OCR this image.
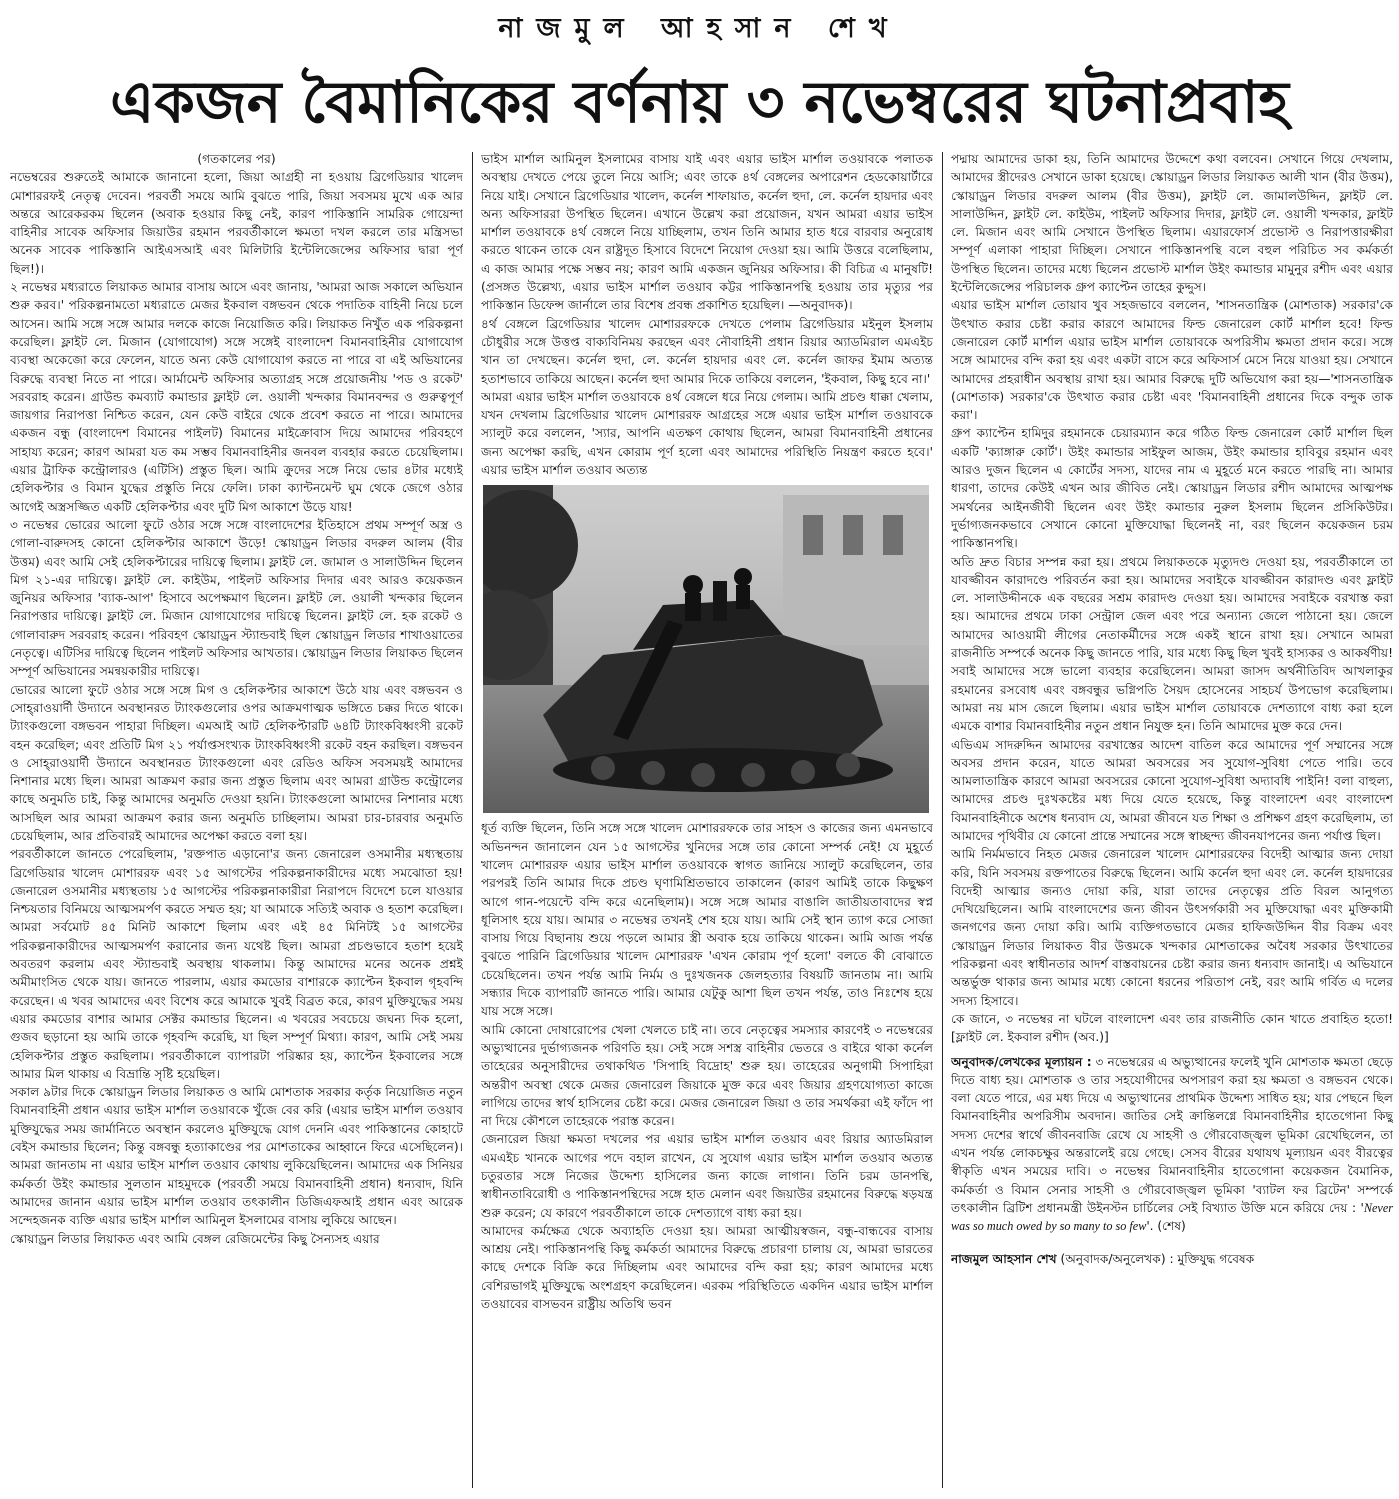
নাজমুল আহসান শেখ
একজন বৈমানিকের বর্ণনায় ৩ নভেম্বরের ঘটনাপ্রবাহ

(গতকালের পর)

নভেম্বরের শুরুতেই আমাকে জানানো হলো, জিয়া আগ্রহী না হওয়ায় ব্রিগেডিয়ার খালেদ মোশাররফই নেতৃত্ব দেবেন। পরবর্তী সময়ে আমি বুঝতে পারি, জিয়া সবসময় মুখে এক আর অন্তরে আরেকরকম ছিলেন (অবাক হওয়ার কিছু নেই, কারণ পাকিস্তানি সামরিক গোয়েন্দা বাহিনীর সাবেক অফিসার জিয়াউর রহমান পরবর্তীকালে ক্ষমতা দখল করলে তার মন্ত্রিসভা অনেক সাবেক পাকিস্তানি আইএসআই এবং মিলিটারি ইন্টেলিজেন্সের অফিসার দ্বারা পূর্ণ ছিল!)।

২ নভেম্বর মধ্যরাতে লিয়াকত আমার বাসায় আসে এবং জানায়, 'আমরা আজ সকালে অভিযান শুরু করব।' পরিকল্পনামতো মধ্যরাতে মেজর ইকবাল বঙ্গভবন থেকে পদাতিক বাহিনী নিয়ে চলে আসেন। আমি সঙ্গে সঙ্গে আমার দলকে কাজে নিয়োজিত করি। লিয়াকত নিখুঁত এক পরিকল্পনা করেছিল। ফ্লাইট লে. মিজান (যোগাযোগ) সঙ্গে সঙ্গেই বাংলাদেশ বিমানবাহিনীর যোগাযোগ ব্যবস্থা অকেজো করে ফেলেন, যাতে অন্য কেউ যোগাযোগ করতে না পারে বা এই অভিযানের বিরুদ্ধে ব্যবস্থা নিতে না পারে। আর্মামেন্ট অফিসার অত্যাগ্রহ সঙ্গে প্রয়োজনীয় 'পড ও রকেট' সরবরাহ করেন। গ্রাউন্ড কমব্যাট কমান্ডার ফ্লাইট লে. ওয়ালী খন্দকার বিমানবন্দর ও গুরুত্বপূর্ণ জায়গার নিরাপত্তা নিশ্চিত করেন, যেন কেউ বাইরে থেকে প্রবেশ করতে না পারে। আমাদের একজন বন্ধু (বাংলাদেশ বিমানের পাইলট) বিমানের মাইক্রোবাস দিয়ে আমাদের পরিবহণে সাহায্য করেন; কারণ আমরা যত কম সম্ভব বিমানবাহিনীর জনবল ব্যবহার করতে চেয়েছিলাম। এয়ার ট্রাফিক কন্ট্রোলারও (এটিসি) প্রস্তুত ছিল। আমি ক্রুদের সঙ্গে নিয়ে ভোর ৪টার মধ্যেই হেলিকপ্টার ও বিমান যুদ্ধের প্রস্তুতি নিয়ে ফেলি। ঢাকা ক্যান্টনমেন্ট ঘুম থেকে জেগে ওঠার আগেই অস্ত্রসজ্জিত একটি হেলিকপ্টার এবং দুটি মিগ আকাশে উড়ে যায়!

৩ নভেম্বর ভোরের আলো ফুটে ওঠার সঙ্গে সঙ্গে বাংলাদেশের ইতিহাসে প্রথম সম্পূর্ণ অস্ত্র ও গোলা-বারুদসহ কোনো হেলিকপ্টার আকাশে উড়ে! স্কোয়াড্রন লিডার বদরুল আলম (বীর উত্তম) এবং আমি সেই হেলিকপ্টারের দায়িত্বে ছিলাম। ফ্লাইট লে. জামাল ও সালাউদ্দিন ছিলেন মিগ ২১-এর দায়িত্বে। ফ্লাইট লে. কাইউম, পাইলট অফিসার দিদার এবং আরও কয়েকজন জুনিয়র অফিসার 'ব্যাক-আপ' হিসাবে অপেক্ষমাণ ছিলেন। ফ্লাইট লে. ওয়ালী খন্দকার ছিলেন নিরাপত্তার দায়িত্বে। ফ্লাইট লে. মিজান যোগাযোগের দায়িত্বে ছিলেন। ফ্লাইট লে. হক রকেট ও গোলাবারুদ সরবরাহ করেন। পরিবহণ স্কোয়াড্রন স্ট্যান্ডবাই ছিল স্কোয়াড্রন লিডার শাখাওয়াতের নেতৃত্বে। এটিসির দায়িত্বে ছিলেন পাইলট অফিসার আখতার। স্কোয়াড্রন লিডার লিয়াকত ছিলেন সম্পূর্ণ অভিযানের সমন্বয়কারীর দায়িত্বে।

ভোরের আলো ফুটে ওঠার সঙ্গে সঙ্গে মিগ ও হেলিকপ্টার আকাশে উঠে যায় এবং বঙ্গভবন ও সোহ্‌রাওয়ার্দী উদ্যানে অবস্থানরত ট্যাংকগুলোর ওপর আক্রমণাত্মক ভঙ্গিতে চক্কর দিতে থাকে। ট্যাংকগুলো বঙ্গভবন পাহারা দিচ্ছিল। এমআই আট হেলিকপ্টারটি ৬৪টি ট্যাংকবিধ্বংসী রকেট বহন করেছিল; এবং প্রতিটি মিগ ২১ পর্যাপ্তসংখ্যক ট্যাংকবিধ্বংসী রকেট বহন করছিল। বঙ্গভবন ও সোহ্‌রাওয়ার্দী উদ্যানে অবস্থানরত ট্যাংকগুলো এবং রেডিও অফিস সবসময়ই আমাদের নিশানার মধ্যে ছিল। আমরা আক্রমণ করার জন্য প্রস্তুত ছিলাম এবং আমরা গ্রাউন্ড কন্ট্রোলের কাছে অনুমতি চাই, কিন্তু আমাদের অনুমতি দেওয়া হয়নি। ট্যাংকগুলো আমাদের নিশানার মধ্যে আসছিল আর আমরা আক্রমণ করার জন্য অনুমতি চাচ্ছিলাম। আমরা চার-চারবার অনুমতি চেয়েছিলাম, আর প্রতিবারই আমাদের অপেক্ষা করতে বলা হয়।

পরবর্তীকালে জানতে পেরেছিলাম, 'রক্তপাত এড়ানো'র জন্য জেনারেল ওসমানীর মধ্যস্থতায় ব্রিগেডিয়ার খালেদ মোশাররফ এবং ১৫ আগস্টের পরিকল্পনাকারীদের মধ্যে সমঝোতা হয়! জেনারেল ওসমানীর মধ্যস্থতায় ১৫ আগস্টের পরিকল্পনাকারীরা নিরাপদে বিদেশে চলে যাওয়ার নিশ্চয়তার বিনিময়ে আত্মসমর্পণ করতে সম্মত হয়; যা আমাকে সত্যিই অবাক ও হতাশ করেছিল। আমরা সর্বমোট ৪৫ মিনিট আকাশে ছিলাম এবং এই ৪৫ মিনিটই ১৫ আগস্টের পরিকল্পনাকারীদের আত্মসমর্পণ করানোর জন্য যথেষ্ট ছিল। আমরা প্রচণ্ডভাবে হতাশ হয়েই অবতরণ করলাম এবং স্ট্যান্ডবাই অবস্থায় থাকলাম। কিন্তু আমাদের মনের অনেক প্রশ্নই অমীমাংসিত থেকে যায়। জানতে পারলাম, এয়ার কমডোর বাশারকে ক্যাপ্টেন ইকবাল গৃহবন্দি করেছেন। এ খবর আমাদের এবং বিশেষ করে আমাকে খুবই বিব্রত করে, কারণ মুক্তিযুদ্ধের সময় এয়ার কমডোর বাশার আমার সেক্টর কমান্ডার ছিলেন। এ খবরের সবচেয়ে জঘন্য দিক হলো, গুজব ছড়ানো হয় আমি তাকে গৃহবন্দি করেছি, যা ছিল সম্পূর্ণ মিথ্যা। কারণ, আমি সেই সময় হেলিকপ্টার প্রস্তুত করছিলাম। পরবর্তীকালে ব্যাপারটা পরিষ্কার হয়, ক্যাপ্টেন ইকবালের সঙ্গে আমার মিল থাকায় এ বিভ্রান্তি সৃষ্টি হয়েছিল।

সকাল ৯টার দিকে স্কোয়াড্রন লিডার লিয়াকত ও আমি মোশতাক সরকার কর্তৃক নিয়োজিত নতুন বিমানবাহিনী প্রধান এয়ার ভাইস মার্শাল তওয়াবকে খুঁজে বের করি (এয়ার ভাইস মার্শাল তওয়াব মুক্তিযুদ্ধের সময় জার্মানিতে অবস্থান করলেও মুক্তিযুদ্ধে যোগ দেননি এবং পাকিস্তানের কোহাটে বেইস কমান্ডার ছিলেন; কিন্তু বঙ্গবন্ধু হত্যাকাণ্ডের পর মোশতাকের আহ্বানে ফিরে এসেছিলেন)। আমরা জানতাম না এয়ার ভাইস মার্শাল তওয়াব কোথায় লুকিয়েছিলেন। আমাদের এক সিনিয়র কর্মকর্তা উইং কমান্ডার সুলতান মাহমুদকে (পরবর্তী সময়ে বিমানবাহিনী প্রধান) ধন্যবাদ, যিনি আমাদের জানান এয়ার ভাইস মার্শাল তওয়াব তৎকালীন ডিজিএফআই প্রধান এবং আরেক সন্দেহজনক ব্যক্তি এয়ার ভাইস মার্শাল আমিনুল ইসলামের বাসায় লুকিয়ে আছেন।

স্কোয়াড্রন লিডার লিয়াকত এবং আমি বেঙ্গল রেজিমেন্টের কিছু সৈন্যসহ এয়ার

ভাইস মার্শাল আমিনুল ইসলামের বাসায় যাই এবং এয়ার ভাইস মার্শাল তওয়াবকে পলাতক অবস্থায় দেখতে পেয়ে তুলে নিয়ে আসি; এবং তাকে ৪র্থ বেঙ্গলের অপারেশন হেডকোয়ার্টারে নিয়ে যাই। সেখানে ব্রিগেডিয়ার খালেদ, কর্নেল শাফায়াত, কর্নেল হুদা, লে. কর্নেল হায়দার এবং অন্য অফিসাররা উপস্থিত ছিলেন। এখানে উল্লেখ করা প্রয়োজন, যখন আমরা এয়ার ভাইস মার্শাল তওয়াবকে ৪র্থ বেঙ্গলে নিয়ে যাচ্ছিলাম, তখন তিনি আমার হাত ধরে বারবার অনুরোধ করতে থাকেন তাকে যেন রাষ্ট্রদূত হিসাবে বিদেশে নিয়োগ দেওয়া হয়। আমি উত্তরে বলেছিলাম, এ কাজ আমার পক্ষে সম্ভব নয়; কারণ আমি একজন জুনিয়র অফিসার। কী বিচিত্র এ মানুষটি! (প্রসঙ্গত উল্লেখ্য, এয়ার ভাইস মার্শাল তওয়াব কট্টর পাকিস্তানপন্থি হওয়ায় তার মৃত্যুর পর পাকিস্তান ডিফেন্স জার্নালে তার বিশেষ প্রবন্ধ প্রকাশিত হয়েছিল। —অনুবাদক)।

৪র্থ বেঙ্গলে ব্রিগেডিয়ার খালেদ মোশাররফকে দেখতে পেলাম ব্রিগেডিয়ার মইনুল ইসলাম চৌধুরীর সঙ্গে উত্তপ্ত বাক্যবিনিময় করছেন এবং নৌবাহিনী প্রধান রিয়ার অ্যাডমিরাল এমএইচ খান তা দেখছেন। কর্নেল হুদা, লে. কর্নেল হায়দার এবং লে. কর্নেল জাফর ইমাম অত্যন্ত হতাশভাবে তাকিয়ে আছেন। কর্নেল হুদা আমার দিকে তাকিয়ে বললেন, 'ইকবাল, কিছু হবে না।'

আমরা এয়ার ভাইস মার্শাল তওয়াবকে ৪র্থ বেঙ্গলে ধরে নিয়ে গেলাম। আমি প্রচণ্ড ধাক্কা খেলাম, যখন দেখলাম ব্রিগেডিয়ার খালেদ মোশাররফ আগ্রহের সঙ্গে এয়ার ভাইস মার্শাল তওয়াবকে স্যালুট করে বললেন, 'স্যার, আপনি এতক্ষণ কোথায় ছিলেন, আমরা বিমানবাহিনী প্রধানের জন্য অপেক্ষা করছি, এখন কোরাম পূর্ণ হলো এবং আমাদের পরিস্থিতি নিয়ন্ত্রণ করতে হবে।' এয়ার ভাইস মার্শাল তওয়াব অত্যন্ত

ধূর্ত ব্যক্তি ছিলেন, তিনি সঙ্গে সঙ্গে খালেদ মোশাররফকে তার সাহস ও কাজের জন্য এমনভাবে অভিনন্দন জানালেন যেন ১৫ আগস্টের খুনিদের সঙ্গে তার কোনো সম্পর্ক নেই! যে মুহূর্তে খালেদ মোশাররফ এয়ার ভাইস মার্শাল তওয়াবকে স্বাগত জানিয়ে স্যালুট করেছিলেন, তার পরপরই তিনি আমার দিকে প্রচণ্ড ঘৃণামিশ্রিতভাবে তাকালেন (কারণ আমিই তাকে কিছুক্ষণ আগে গান-পয়েন্টে বন্দি করে এনেছিলাম)। সঙ্গে সঙ্গে আমার বাঙালি জাতীয়তাবাদের স্বপ্ন ধূলিসাৎ হয়ে যায়। আমার ৩ নভেম্বর তখনই শেষ হয়ে যায়। আমি সেই স্থান ত্যাগ করে সোজা বাসায় গিয়ে বিছানায় শুয়ে পড়লে আমার স্ত্রী অবাক হয়ে তাকিয়ে থাকেন। আমি আজ পর্যন্ত বুঝতে পারিনি ব্রিগেডিয়ার খালেদ মোশাররফ 'এখন কোরাম পূর্ণ হলো' বলতে কী বোঝাতে চেয়েছিলেন। তখন পর্যন্ত আমি নির্মম ও দুঃখজনক জেলহত্যার বিষয়টি জানতাম না। আমি সন্ধ্যার দিকে ব্যাপারটি জানতে পারি। আমার যেটুকু আশা ছিল তখন পর্যন্ত, তাও নিঃশেষ হয়ে যায় সঙ্গে সঙ্গে।

আমি কোনো দোষারোপের খেলা খেলতে চাই না। তবে নেতৃত্বের সমস্যার কারণেই ৩ নভেম্বরের অভ্যুত্থানের দুর্ভাগ্যজনক পরিণতি হয়। সেই সঙ্গে সশস্ত্র বাহিনীর ভেতরে ও বাইরে থাকা কর্নেল তাহেরের অনুসারীদের তথাকথিত 'সিপাহি বিদ্রোহ' শুরু হয়। তাহেরের অনুগামী সিপাহিরা অন্তরীণ অবস্থা থেকে মেজর জেনারেল জিয়াকে মুক্ত করে এবং জিয়ার গ্রহণযোগ্যতা কাজে লাগিয়ে তাদের স্বার্থ হাসিলের চেষ্টা করে। মেজর জেনারেল জিয়া ও তার সমর্থকরা এই ফাঁদে পা না দিয়ে কৌশলে তাহেরকে পরাস্ত করেন।

জেনারেল জিয়া ক্ষমতা দখলের পর এয়ার ভাইস মার্শাল তওয়াব এবং রিয়ার অ্যাডমিরাল এমএইচ খানকে আগের পদে বহাল রাখেন, যে সুযোগ এয়ার ভাইস মার্শাল তওয়াব অত্যন্ত চতুরতার সঙ্গে নিজের উদ্দেশ্য হাসিলের জন্য কাজে লাগান। তিনি চরম ডানপন্থি, স্বাধীনতাবিরোধী ও পাকিস্তানপন্থিদের সঙ্গে হাত মেলান এবং জিয়াউর রহমানের বিরুদ্ধে ষড়যন্ত্র শুরু করেন; যে কারণে পরবর্তীকালে তাকে দেশত্যাগে বাধ্য করা হয়।

আমাদের কর্মক্ষেত্র থেকে অব্যাহতি দেওয়া হয়। আমরা আত্মীয়স্বজন, বন্ধু-বান্ধবের বাসায় আশ্রয় নেই। পাকিস্তানপন্থি কিছু কর্মকর্তা আমাদের বিরুদ্ধে প্রচারণা চালায় যে, আমরা ভারতের কাছে দেশকে বিক্রি করে দিচ্ছিলাম এবং আমাদের বন্দি করা হয়; কারণ আমাদের মধ্যে বেশিরভাগই মুক্তিযুদ্ধে অংশগ্রহণ করেছিলেন। এরকম পরিস্থিতিতে একদিন এয়ার ভাইস মার্শাল তওয়াবের বাসভবন রাষ্ট্রীয় অতিথি ভবন

পদ্মায় আমাদের ডাকা হয়, তিনি আমাদের উদ্দেশে কথা বলবেন। সেখানে গিয়ে দেখলাম, আমাদের স্ত্রীদেরও সেখানে ডাকা হয়েছে। স্কোয়াড্রন লিডার লিয়াকত আলী খান (বীর উত্তম), স্কোয়াড্রন লিডার বদরুল আলম (বীর উত্তম), ফ্লাইট লে. জামালউদ্দিন, ফ্লাইট লে. সালাউদ্দিন, ফ্লাইট লে. কাইউম, পাইলট অফিসার দিদার, ফ্লাইট লে. ওয়ালী খন্দকার, ফ্লাইট লে. মিজান এবং আমি সেখানে উপস্থিত ছিলাম। এয়ারফোর্স প্রভোস্ট ও নিরাপত্তারক্ষীরা সম্পূর্ণ এলাকা পাহারা দিচ্ছিল। সেখানে পাকিস্তানপন্থি বলে বহুল পরিচিত সব কর্মকর্তা উপস্থিত ছিলেন। তাদের মধ্যে ছিলেন প্রভোস্ট মার্শাল উইং কমান্ডার মামুনুর রশীদ এবং এয়ার ইন্টেলিজেন্সের পরিচালক গ্রুপ ক্যাপ্টেন তাহের কুদ্দুস।

এয়ার ভাইস মার্শাল তোয়াব খুব সহজভাবে বললেন, 'শাসনতান্ত্রিক (মোশতাক) সরকার'কে উৎখাত করার চেষ্টা করার কারণে আমাদের ফিল্ড জেনারেল কোর্ট মার্শাল হবে! ফিল্ড জেনারেল কোর্ট মার্শাল এয়ার ভাইস মার্শাল তোয়াবকে অপরিসীম ক্ষমতা প্রদান করে। সঙ্গে সঙ্গে আমাদের বন্দি করা হয় এবং একটা বাসে করে অফিসার্স মেসে নিয়ে যাওয়া হয়। সেখানে আমাদের প্রহরাধীন অবস্থায় রাখা হয়। আমার বিরুদ্ধে দুটি অভিযোগ করা হয়—'শাসনতান্ত্রিক (মোশতাক) সরকার'কে উৎখাত করার চেষ্টা এবং 'বিমানবাহিনী প্রধানের দিকে বন্দুক তাক করা'।

গ্রুপ ক্যাপ্টেন হামিদুর রহমানকে চেয়ারম্যান করে গঠিত ফিল্ড জেনারেল কোর্ট মার্শাল ছিল একটি 'ক্যাঙ্গারু কোর্ট'। উইং কমান্ডার সাইফুল আজম, উইং কমান্ডার হাবিবুর রহমান এবং আরও দুজন ছিলেন এ কোর্টের সদস্য, যাদের নাম এ মুহূর্তে মনে করতে পারছি না। আমার ধারণা, তাদের কেউই এখন আর জীবিত নেই। স্কোয়াড্রন লিডার রশীদ আমাদের আত্মপক্ষ সমর্থনের আইনজীবী ছিলেন এবং উইং কমান্ডার নুরুল ইসলাম ছিলেন প্রসিকিউটর। দুর্ভাগ্যজনকভাবে সেখানে কোনো মুক্তিযোদ্ধা ছিলেনই না, বরং ছিলেন কয়েকজন চরম পাকিস্তানপন্থি।

অতি দ্রুত বিচার সম্পন্ন করা হয়। প্রথমে লিয়াকতকে মৃত্যুদণ্ড দেওয়া হয়, পরবর্তীকালে তা যাবজ্জীবন কারাদণ্ডে পরিবর্তন করা হয়। আমাদের সবাইকে যাবজ্জীবন কারাদণ্ড এবং ফ্লাইট লে. সালাউদ্দীনকে এক বছরের সশ্রম কারাদণ্ড দেওয়া হয়। আমাদের সবাইকে বরখাস্ত করা হয়। আমাদের প্রথমে ঢাকা সেন্ট্রাল জেল এবং পরে অন্যান্য জেলে পাঠানো হয়। জেলে আমাদের আওয়ামী লীগের নেতাকর্মীদের সঙ্গে একই স্থানে রাখা হয়। সেখানে আমরা রাজনীতি সম্পর্কে অনেক কিছু জানতে পারি, যার মধ্যে কিছু ছিল খুবই হাস্যকর ও আকর্ষণীয়! সবাই আমাদের সঙ্গে ভালো ব্যবহার করেছিলেন। আমরা জাসদ অর্থনীতিবিদ আখলাকুর রহমানের রসবোধ এবং বঙ্গবন্ধুর ভগ্নিপতি সৈয়দ হোসেনের সাহচর্য উপভোগ করেছিলাম। আমরা নয় মাস জেলে ছিলাম। এয়ার ভাইস মার্শাল তোয়াবকে দেশত্যাগে বাধ্য করা হলে এমকে বাশার বিমানবাহিনীর নতুন প্রধান নিযুক্ত হন। তিনি আমাদের মুক্ত করে দেন।

এভিএম সাদরুদ্দিন আমাদের বরখাস্তের আদেশ বাতিল করে আমাদের পূর্ণ সম্মানের সঙ্গে অবসর প্রদান করেন, যাতে আমরা অবসরের সব সুযোগ-সুবিধা পেতে পারি। তবে আমলাতান্ত্রিক কারণে আমরা অবসরের কোনো সুযোগ-সুবিধা অদ্যাবধি পাইনি! বলা বাহুল্য, আমাদের প্রচণ্ড দুঃখকষ্টের মধ্য দিয়ে যেতে হয়েছে, কিন্তু বাংলাদেশ এবং বাংলাদেশ বিমানবাহিনীকে অশেষ ধন্যবাদ যে, আমরা জীবনে যত শিক্ষা ও প্রশিক্ষণ গ্রহণ করেছিলাম, তা আমাদের পৃথিবীর যে কোনো প্রান্তে সম্মানের সঙ্গে স্বাচ্ছন্দ্য জীবনযাপনের জন্য পর্যাপ্ত ছিল।

আমি নির্মমভাবে নিহত মেজর জেনারেল খালেদ মোশাররফের বিদেহী আত্মার জন্য দোয়া করি, যিনি সবসময় রক্তপাতের বিরুদ্ধে ছিলেন। আমি কর্নেল হুদা এবং লে. কর্নেল হায়দারের বিদেহী আত্মার জন্যও দোয়া করি, যারা তাদের নেতৃত্বের প্রতি বিরল আনুগত্য দেখিয়েছিলেন। আমি বাংলাদেশের জন্য জীবন উৎসর্গকারী সব মুক্তিযোদ্ধা এবং মুক্তিকামী জনগণের জন্য দোয়া করি। আমি ব্যক্তিগতভাবে মেজর হাফিজউদ্দিন বীর বিক্রম এবং স্কোয়াড্রন লিডার লিয়াকত বীর উত্তমকে খন্দকার মোশতাকের অবৈধ সরকার উৎখাতের পরিকল্পনা এবং স্বাধীনতার আদর্শ বাস্তবায়নের চেষ্টা করার জন্য ধন্যবাদ জানাই। এ অভিযানে অন্তর্ভুক্ত থাকার জন্য আমার মধ্যে কোনো ধরনের পরিতাপ নেই, বরং আমি গর্বিত এ দলের সদস্য হিসাবে।

কে জানে, ৩ নভেম্বর না ঘটলে বাংলাদেশ এবং তার রাজনীতি কোন খাতে প্রবাহিত হতো! [ফ্লাইট লে. ইকবাল রশীদ (অব.)]

অনুবাদক/লেখকের মূল্যায়ন : ৩ নভেম্বরের এ অভ্যুত্থানের ফলেই খুনি মোশতাক ক্ষমতা ছেড়ে দিতে বাধ্য হয়। মোশতাক ও তার সহযোগীদের অপসারণ করা হয় ক্ষমতা ও বঙ্গভবন থেকে। বলা যেতে পারে, এর মধ্য দিয়ে এ অভ্যুত্থানের প্রাথমিক উদ্দেশ্য সাধিত হয়; যার পেছনে ছিল বিমানবাহিনীর অপরিসীম অবদান। জাতির সেই ক্রান্তিলগ্নে বিমানবাহিনীর হাতেগোনা কিছু সদস্য দেশের স্বার্থে জীবনবাজি রেখে যে সাহসী ও গৌরবোজ্জ্বল ভূমিকা রেখেছিলেন, তা এখন পর্যন্ত লোকচক্ষুর অন্তরালেই রয়ে গেছে। সেসব বীরের যথাযথ মূল্যায়ন এবং বীরত্বের স্বীকৃতি এখন সময়ের দাবি। ৩ নভেম্বর বিমানবাহিনীর হাতেগোনা কয়েকজন বৈমানিক, কর্মকর্তা ও বিমান সেনার সাহসী ও গৌরবোজ্জ্বল ভূমিকা 'ব্যাটল ফর ব্রিটেন' সম্পর্কে তৎকালীন ব্রিটিশ প্রধানমন্ত্রী উইনস্টন চার্চিলের সেই বিখ্যাত উক্তি মনে করিয়ে দেয় : 'Never was so much owed by so many to so few'. (শেষ)

নাজমুল আহসান শেখ (অনুবাদক/অনুলেখক) : মুক্তিযুদ্ধ গবেষক
